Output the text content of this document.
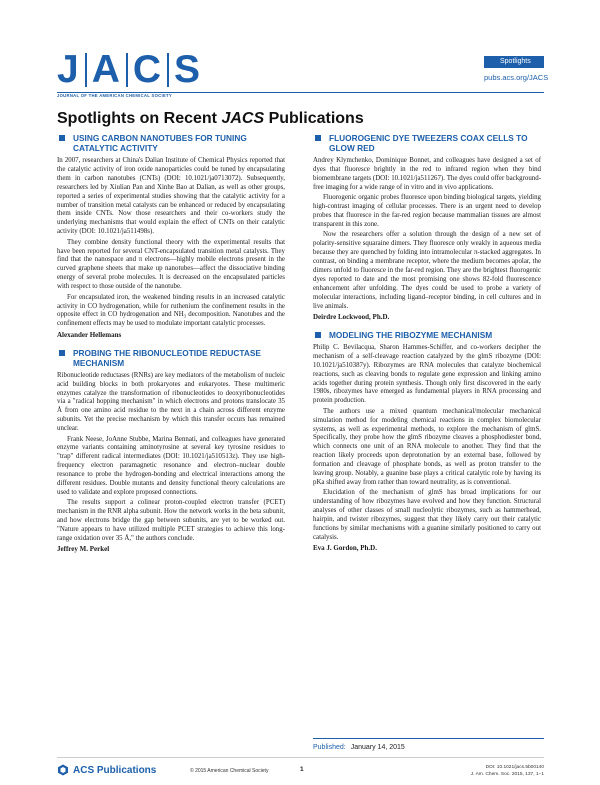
J A C S
JOURNAL OF THE AMERICAN CHEMICAL SOCIETY
Spotlights
pubs.acs.org/JACS
Spotlights on Recent JACS Publications
USING CARBON NANOTUBES FOR TUNING CATALYTIC ACTIVITY

In 2007, researchers at China's Dalian Institute of Chemical Physics reported that the catalytic activity of iron oxide nanoparticles could be tuned by encapsulating them in carbon nanotubes (CNTs) (DOI: 10.1021/ja0713072). Subsequently, researchers led by Xiulian Pan and Xinhe Bao at Dalian, as well as other groups, reported a series of experimental studies showing that the catalytic activity for a number of transition metal catalysts can be enhanced or reduced by encapsulating them inside CNTs. Now those researchers and their co-workers study the underlying mechanisms that would explain the effect of CNTs on their catalytic activity (DOI: 10.1021/ja511498s).

They combine density functional theory with the experimental results that have been reported for several CNT-encapsulated transition metal catalysts. They find that the nanospace and π electrons—highly mobile electrons present in the curved graphene sheets that make up nanotubes—affect the dissociative binding energy of several probe molecules. It is decreased on the encapsulated particles with respect to those outside of the nanotube.

For encapsulated iron, the weakened binding results in an increased catalytic activity in CO hydrogenation, while for ruthenium the confinement results in the opposite effect in CO hydrogenation and NH₃ decomposition. Nanotubes and the confinement effects may be used to modulate important catalytic processes.

Alexander Hellemans
PROBING THE RIBONUCLEOTIDE REDUCTASE MECHANISM

Ribonucleotide reductases (RNRs) are key mediators of the metabolism of nucleic acid building blocks in both prokaryotes and eukaryotes. These multimeric enzymes catalyze the transformation of ribonucleotides to deoxyribonucleotides via a "radical hopping mechanism" in which electrons and protons translocate 35 Å from one amino acid residue to the next in a chain across different enzyme subunits. Yet the precise mechanism by which this transfer occurs has remained unclear.

Frank Neese, JoAnne Stubbe, Marina Bennati, and colleagues have generated enzyme variants containing aminotyrosine at several key tyrosine residues to "trap" different radical intermediates (DOI: 10.1021/ja510513z). They use high-frequency electron paramagnetic resonance and electron–nuclear double resonance to probe the hydrogen-bonding and electrical interactions among the different residues. Double mutants and density functional theory calculations are used to validate and explore proposed connections.

The results support a colinear proton-coupled electron transfer (PCET) mechanism in the RNR alpha subunit. How the network works in the beta subunit, and how electrons bridge the gap between subunits, are yet to be worked out. "Nature appears to have utilized multiple PCET strategies to achieve this long-range oxidation over 35 Å," the authors conclude.

Jeffrey M. Perkel
FLUOROGENIC DYE TWEEZERS COAX CELLS TO GLOW RED

Andrey Klymchenko, Dominique Bonnet, and colleagues have designed a set of dyes that fluoresce brightly in the red to infrared region when they bind biomembrane targets (DOI: 10.1021/ja511267). The dyes could offer background-free imaging for a wide range of in vitro and in vivo applications.

Fluorogenic organic probes fluoresce upon binding biological targets, yielding high-contrast imaging of cellular processes. There is an urgent need to develop probes that fluoresce in the far-red region because mammalian tissues are almost transparent in this zone.

Now the researchers offer a solution through the design of a new set of polarity-sensitive squaraine dimers. They fluoresce only weakly in aqueous media because they are quenched by folding into intramolecular π-stacked aggregates. In contrast, on binding a membrane receptor, where the medium becomes apolar, the dimers unfold to fluoresce in the far-red region. They are the brightest fluorogenic dyes reported to date and the most promising one shows 82-fold fluorescence enhancement after unfolding. The dyes could be used to probe a variety of molecular interactions, including ligand–receptor binding, in cell cultures and in live animals.

Deirdre Lockwood, Ph.D.
MODELING THE RIBOZYME MECHANISM

Philip C. Bevilacqua, Sharon Hammes-Schiffer, and co-workers decipher the mechanism of a self-cleavage reaction catalyzed by the glmS ribozyme (DOI: 10.1021/ja510387y). Ribozymes are RNA molecules that catalyze biochemical reactions, such as cleaving bonds to regulate gene expression and linking amino acids together during protein synthesis. Though only first discovered in the early 1980s, ribozymes have emerged as fundamental players in RNA processing and protein production.

The authors use a mixed quantum mechanical/molecular mechanical simulation method for modeling chemical reactions in complex biomolecular systems, as well as experimental methods, to explore the mechanism of glmS. Specifically, they probe how the glmS ribozyme cleaves a phosphodiester bond, which connects one unit of an RNA molecule to another. They find that the reaction likely proceeds upon deprotonation by an external base, followed by formation and cleavage of phosphate bonds, as well as proton transfer to the leaving group. Notably, a guanine base plays a critical catalytic role by having its pKa shifted away from rather than toward neutrality, as is conventional.

Elucidation of the mechanism of glmS has broad implications for our understanding of how ribozymes have evolved and how they function. Structural analyses of other classes of small nucleolytic ribozymes, such as hammerhead, hairpin, and twister ribozymes, suggest that they likely carry out their catalytic functions by similar mechanisms with a guanine similarly positioned to carry out catalysis.

Eva J. Gordon, Ph.D.
Published: January 14, 2015
ACS Publications	© 2015 American Chemical Society	1	DOI: 10.1021/jacs.5b00140
J. Am. Chem. Soc. 2015, 137, 1−1
